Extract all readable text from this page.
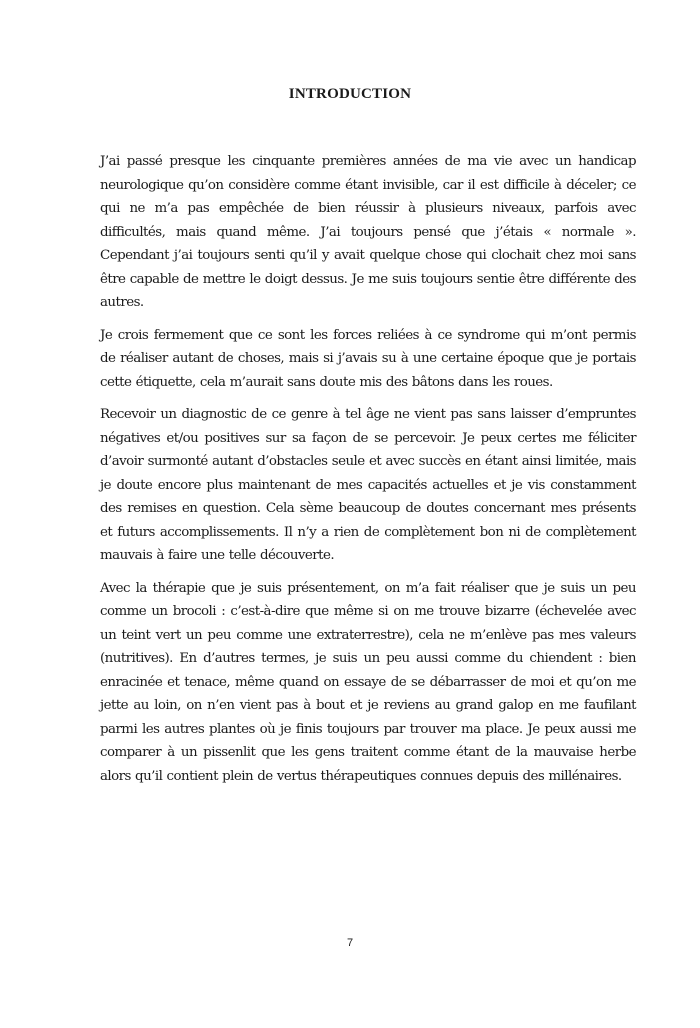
INTRODUCTION

J’ai passé presque les cinquante premières années de ma vie avec un handicap neurologique qu’on considère comme étant invisible, car il est difficile à déceler; ce qui ne m’a pas empêchée de bien réussir à plusieurs niveaux, parfois avec difficultés, mais quand même. J’ai toujours pensé que j’étais « normale ». Cependant j’ai toujours senti qu’il y avait quelque chose qui clochait chez moi sans être capable de mettre le doigt dessus. Je me suis toujours sentie être différente des autres.

Je crois fermement que ce sont les forces reliées à ce syndrome qui m’ont permis de réaliser autant de choses, mais si j’avais su à une certaine époque que je portais cette étiquette, cela m’aurait sans doute mis des bâtons dans les roues.

Recevoir un diagnostic de ce genre à tel âge ne vient pas sans laisser d’empruntes négatives et/ou positives sur sa façon de se percevoir. Je peux certes me féliciter d’avoir surmonté autant d’obstacles seule et avec succès en étant ainsi limitée, mais je doute encore plus maintenant de mes capacités actuelles et je vis constamment des remises en question. Cela sème beaucoup de doutes concernant mes présents et futurs accomplissements. Il n’y a rien de complètement bon ni de complètement mauvais à faire une telle découverte.

Avec la thérapie que je suis présentement, on m’a fait réaliser que je suis un peu comme un brocoli : c’est-à-dire que même si on me trouve bizarre (échevelée avec un teint vert un peu comme une extraterrestre), cela ne m’enlève pas mes valeurs (nutritives). En d’autres termes, je suis un peu aussi comme du chiendent : bien enracinée et tenace, même quand on essaye de se débarrasser de moi et qu’on me jette au loin, on n’en vient pas à bout et je reviens au grand galop en me faufilant parmi les autres plantes où je finis toujours par trouver ma place. Je peux aussi me comparer à un pissenlit que les gens traitent comme étant de la mauvaise herbe alors qu’il contient plein de vertus thérapeutiques connues depuis des millénaires.

7
